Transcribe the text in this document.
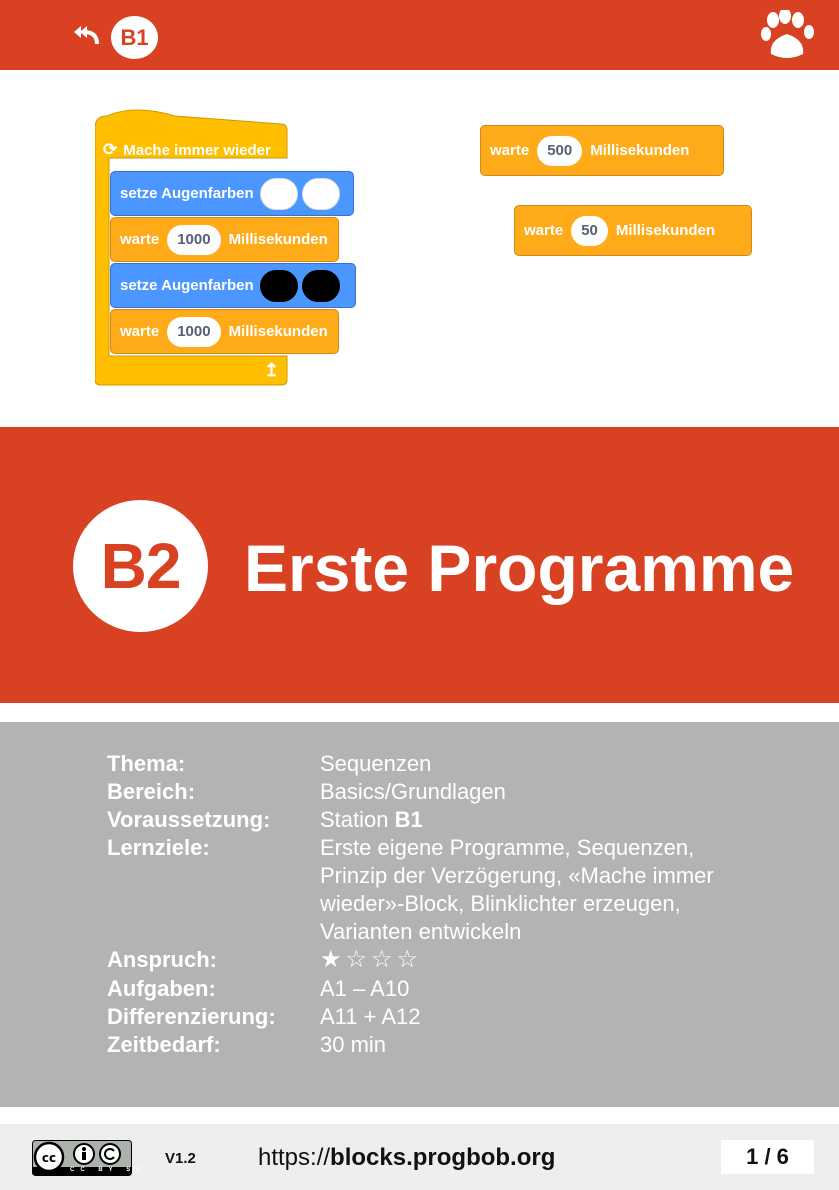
B1
⟳ Mache immer wieder
↥
setze Augenfarben
warte	1000	Millisekunden
setze Augenfarben
warte	1000	Millisekunden
warte	500	Millisekunden
warte	50	Millisekunden
B2 Erste Programme
Thema:	Sequenzen
Bereich:	Basics/Grundlagen
Voraussetzung: Station B1
Lernziele:	Erste eigene Programme, Sequenzen, Prinzip der Verzögerung, «Mache immer wieder»-Block, Blinklichter erzeugen, Varianten entwickeln
Anspruch:	★☆☆☆
Aufgaben:	A1 – A10
Differenzierung: A11 + A12
Zeitbedarf:	30 min
cc
CC BY SA
V1.2	https://blocks.progbob.org	1 / 6
